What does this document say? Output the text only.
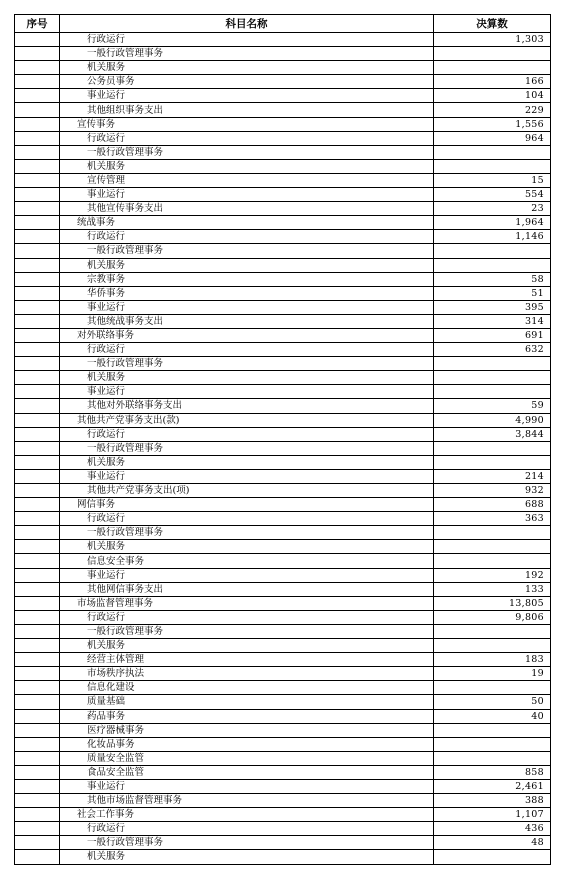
序号	科目名称	决算数
	行政运行	1,303
	一般行政管理事务	
	机关服务	
	公务员事务	166
	事业运行	104
	其他组织事务支出	229
	宣传事务	1,556
	行政运行	964
	一般行政管理事务	
	机关服务	
	宣传管理	15
	事业运行	554
	其他宣传事务支出	23
	统战事务	1,964
	行政运行	1,146
	一般行政管理事务	
	机关服务	
	宗教事务	58
	华侨事务	51
	事业运行	395
	其他统战事务支出	314
	对外联络事务	691
	行政运行	632
	一般行政管理事务	
	机关服务	
	事业运行	
	其他对外联络事务支出	59
	其他共产党事务支出(款)	4,990
	行政运行	3,844
	一般行政管理事务	
	机关服务	
	事业运行	214
	其他共产党事务支出(项)	932
	网信事务	688
	行政运行	363
	一般行政管理事务	
	机关服务	
	信息安全事务	
	事业运行	192
	其他网信事务支出	133
	市场监督管理事务	13,805
	行政运行	9,806
	一般行政管理事务	
	机关服务	
	经营主体管理	183
	市场秩序执法	19
	信息化建设	
	质量基础	50
	药品事务	40
	医疗器械事务	
	化妆品事务	
	质量安全监管	
	食品安全监管	858
	事业运行	2,461
	其他市场监督管理事务	388
	社会工作事务	1,107
	行政运行	436
	一般行政管理事务	48
	机关服务	
